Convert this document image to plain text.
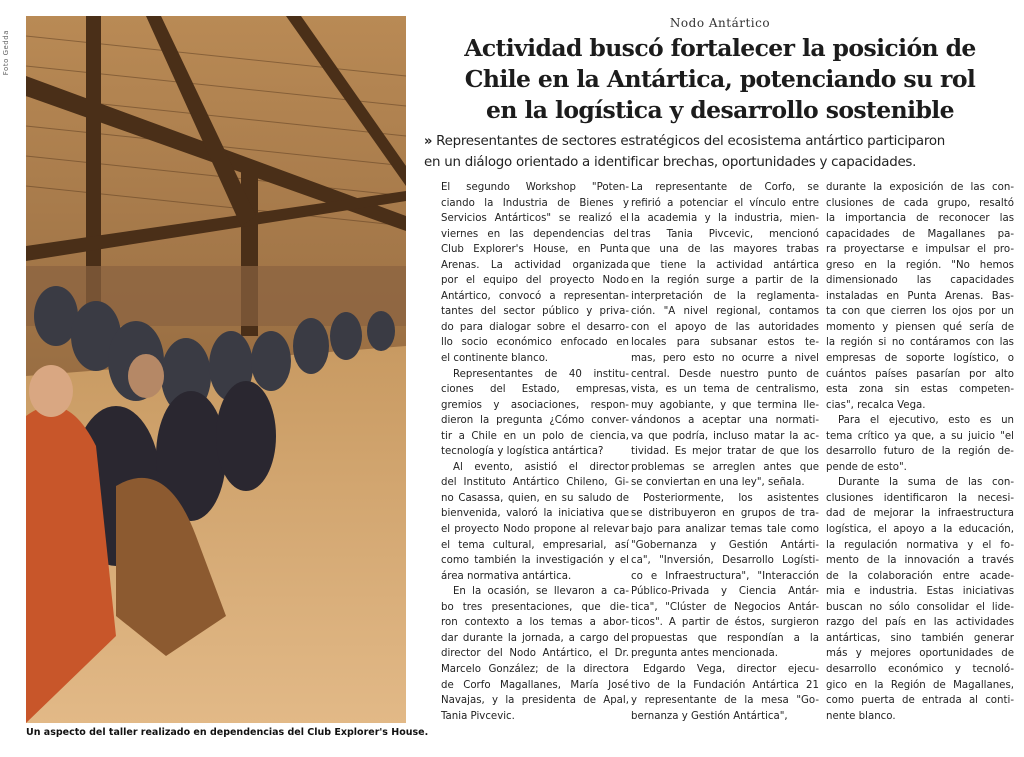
Foto Gedda
Un aspecto del taller realizado en dependencias del Club Explorer's House.
Nodo Antártico
Actividad buscó fortalecer la posición de
Chile en la Antártica, potenciando su rol
en la logística y desarrollo sostenible
» Representantes de sectores estratégicos del ecosistema antártico participaron
en un diálogo orientado a identificar brechas, oportunidades y capacidades.
El segundo Workshop "Poten-
ciando la Industria de Bienes y
Servicios Antárticos" se realizó el
viernes en las dependencias del
Club Explorer's House, en Punta
Arenas. La actividad organizada
por el equipo del proyecto Nodo
Antártico, convocó a representan-
tantes del sector público y priva-
do para dialogar sobre el desarro-
llo socio económico enfocado en
el continente blanco.
Representantes de 40 institu-
ciones del Estado, empresas,
gremios y asociaciones, respon-
dieron la pregunta ¿Cómo conver-
tir a Chile en un polo de ciencia,
tecnología y logística antártica?
Al evento, asistió el director
del Instituto Antártico Chileno, Gi-
no Casassa, quien, en su saludo de
bienvenida, valoró la iniciativa que
el proyecto Nodo propone al relevar
el tema cultural, empresarial, así
como también la investigación y el
área normativa antártica.
En la ocasión, se llevaron a ca-
bo tres presentaciones, que die-
ron contexto a los temas a abor-
dar durante la jornada, a cargo del
director del Nodo Antártico, el Dr.
Marcelo González; de la directora
de Corfo Magallanes, María José
Navajas, y la presidenta de Apal,
Tania Pivcevic.
La representante de Corfo, se
refirió a potenciar el vínculo entre
la academia y la industria, mien-
tras Tania Pivcevic, mencionó
que una de las mayores trabas
que tiene la actividad antártica
en la región surge a partir de la
interpretación de la reglamenta-
ción. "A nivel regional, contamos
con el apoyo de las autoridades
locales para subsanar estos te-
mas, pero esto no ocurre a nivel
central. Desde nuestro punto de
vista, es un tema de centralismo,
muy agobiante, y que termina lle-
vándonos a aceptar una normati-
va que podría, incluso matar la ac-
tividad. Es mejor tratar de que los
problemas se arreglen antes que
se conviertan en una ley", señala.
Posteriormente, los asistentes
se distribuyeron en grupos de tra-
bajo para analizar temas tale como
"Gobernanza y Gestión Antárti-
ca", "Inversión, Desarrollo Logísti-
co e Infraestructura", "Interacción
Público-Privada y Ciencia Antár-
tica", "Clúster de Negocios Antár-
ticos". A partir de éstos, surgieron
propuestas que respondían a la
pregunta antes mencionada.
Edgardo Vega, director ejecu-
tivo de la Fundación Antártica 21
y representante de la mesa "Go-
bernanza y Gestión Antártica",
durante la exposición de las con-
clusiones de cada grupo, resaltó
la importancia de reconocer las
capacidades de Magallanes pa-
ra proyectarse e impulsar el pro-
greso en la región. "No hemos
dimensionado las capacidades
instaladas en Punta Arenas. Bas-
ta con que cierren los ojos por un
momento y piensen qué sería de
la región si no contáramos con las
empresas de soporte logístico, o
cuántos países pasarían por alto
esta zona sin estas competen-
cias", recalca Vega.
Para el ejecutivo, esto es un
tema crítico ya que, a su juicio "el
desarrollo futuro de la región de-
pende de esto".
Durante la suma de las con-
clusiones identificaron la necesi-
dad de mejorar la infraestructura
logística, el apoyo a la educación,
la regulación normativa y el fo-
mento de la innovación a través
de la colaboración entre acade-
mia e industria. Estas iniciativas
buscan no sólo consolidar el lide-
razgo del país en las actividades
antárticas, sino también generar
más y mejores oportunidades de
desarrollo económico y tecnoló-
gico en la Región de Magallanes,
como puerta de entrada al conti-
nente blanco.
